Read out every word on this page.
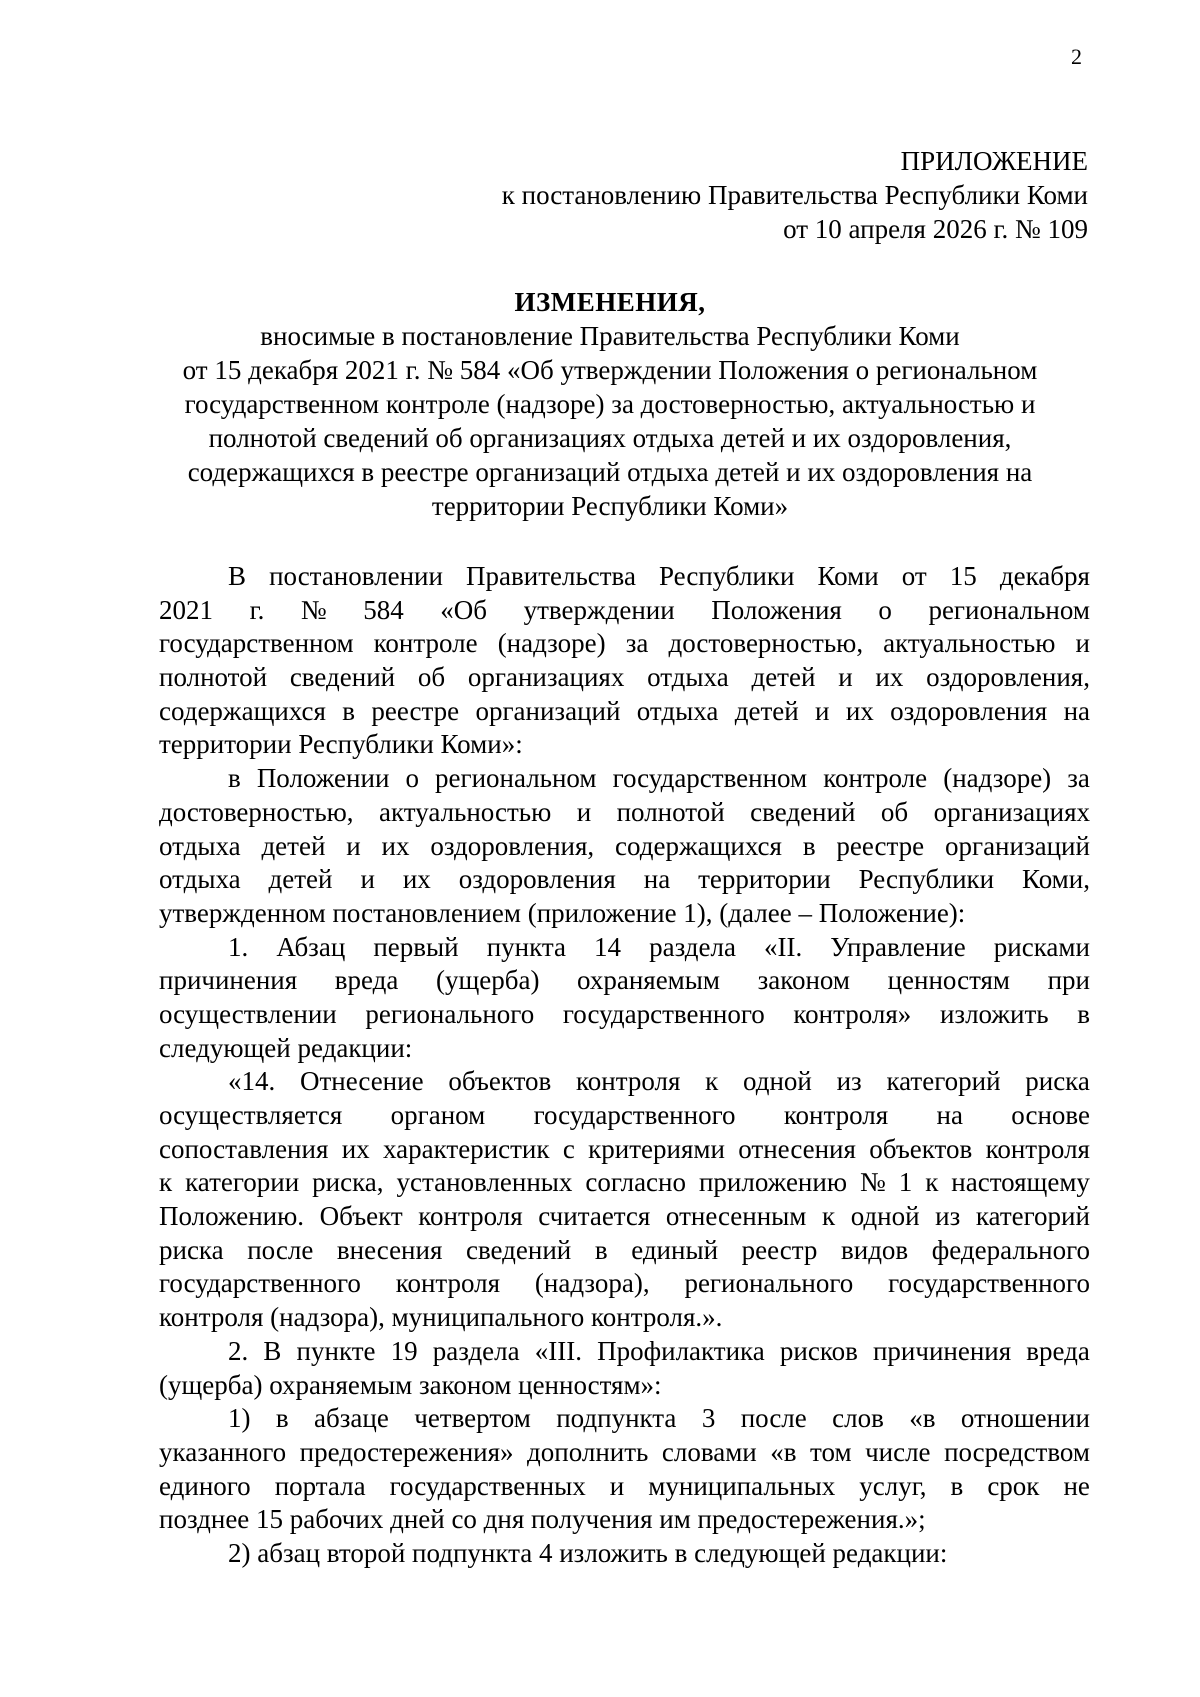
2
ПРИЛОЖЕНИЕ
к постановлению Правительства Республики Коми
от 10 апреля 2026 г. № 109
ИЗМЕНЕНИЯ,
вносимые в постановление Правительства Республики Коми
от 15 декабря 2021 г. № 584 «Об утверждении Положения о региональном
государственном контроле (надзоре) за достоверностью, актуальностью и
полнотой сведений об организациях отдыха детей и их оздоровления,
содержащихся в реестре организаций отдыха детей и их оздоровления на
территории Республики Коми»
В постановлении Правительства Республики Коми от 15 декабря
2021 г. № 584 «Об утверждении Положения о региональном
государственном контроле (надзоре) за достоверностью, актуальностью и
полнотой сведений об организациях отдыха детей и их оздоровления,
содержащихся в реестре организаций отдыха детей и их оздоровления на
территории Республики Коми»:
в Положении о региональном государственном контроле (надзоре) за
достоверностью, актуальностью и полнотой сведений об организациях
отдыха детей и их оздоровления, содержащихся в реестре организаций
отдыха детей и их оздоровления на территории Республики Коми,
утвержденном постановлением (приложение 1), (далее – Положение):
1. Абзац первый пункта 14 раздела «II. Управление рисками
причинения вреда (ущерба) охраняемым законом ценностям при
осуществлении регионального государственного контроля» изложить в
следующей редакции:
«14. Отнесение объектов контроля к одной из категорий риска
осуществляется органом государственного контроля на основе
сопоставления их характеристик с критериями отнесения объектов контроля
к категории риска, установленных согласно приложению № 1 к настоящему
Положению. Объект контроля считается отнесенным к одной из категорий
риска после внесения сведений в единый реестр видов федерального
государственного контроля (надзора), регионального государственного
контроля (надзора), муниципального контроля.».
2. В пункте 19 раздела «III. Профилактика рисков причинения вреда
(ущерба) охраняемым законом ценностям»:
1) в абзаце четвертом подпункта 3 после слов «в отношении
указанного предостережения» дополнить словами «в том числе посредством
единого портала государственных и муниципальных услуг, в срок не
позднее 15 рабочих дней со дня получения им предостережения.»;
2) абзац второй подпункта 4 изложить в следующей редакции:
